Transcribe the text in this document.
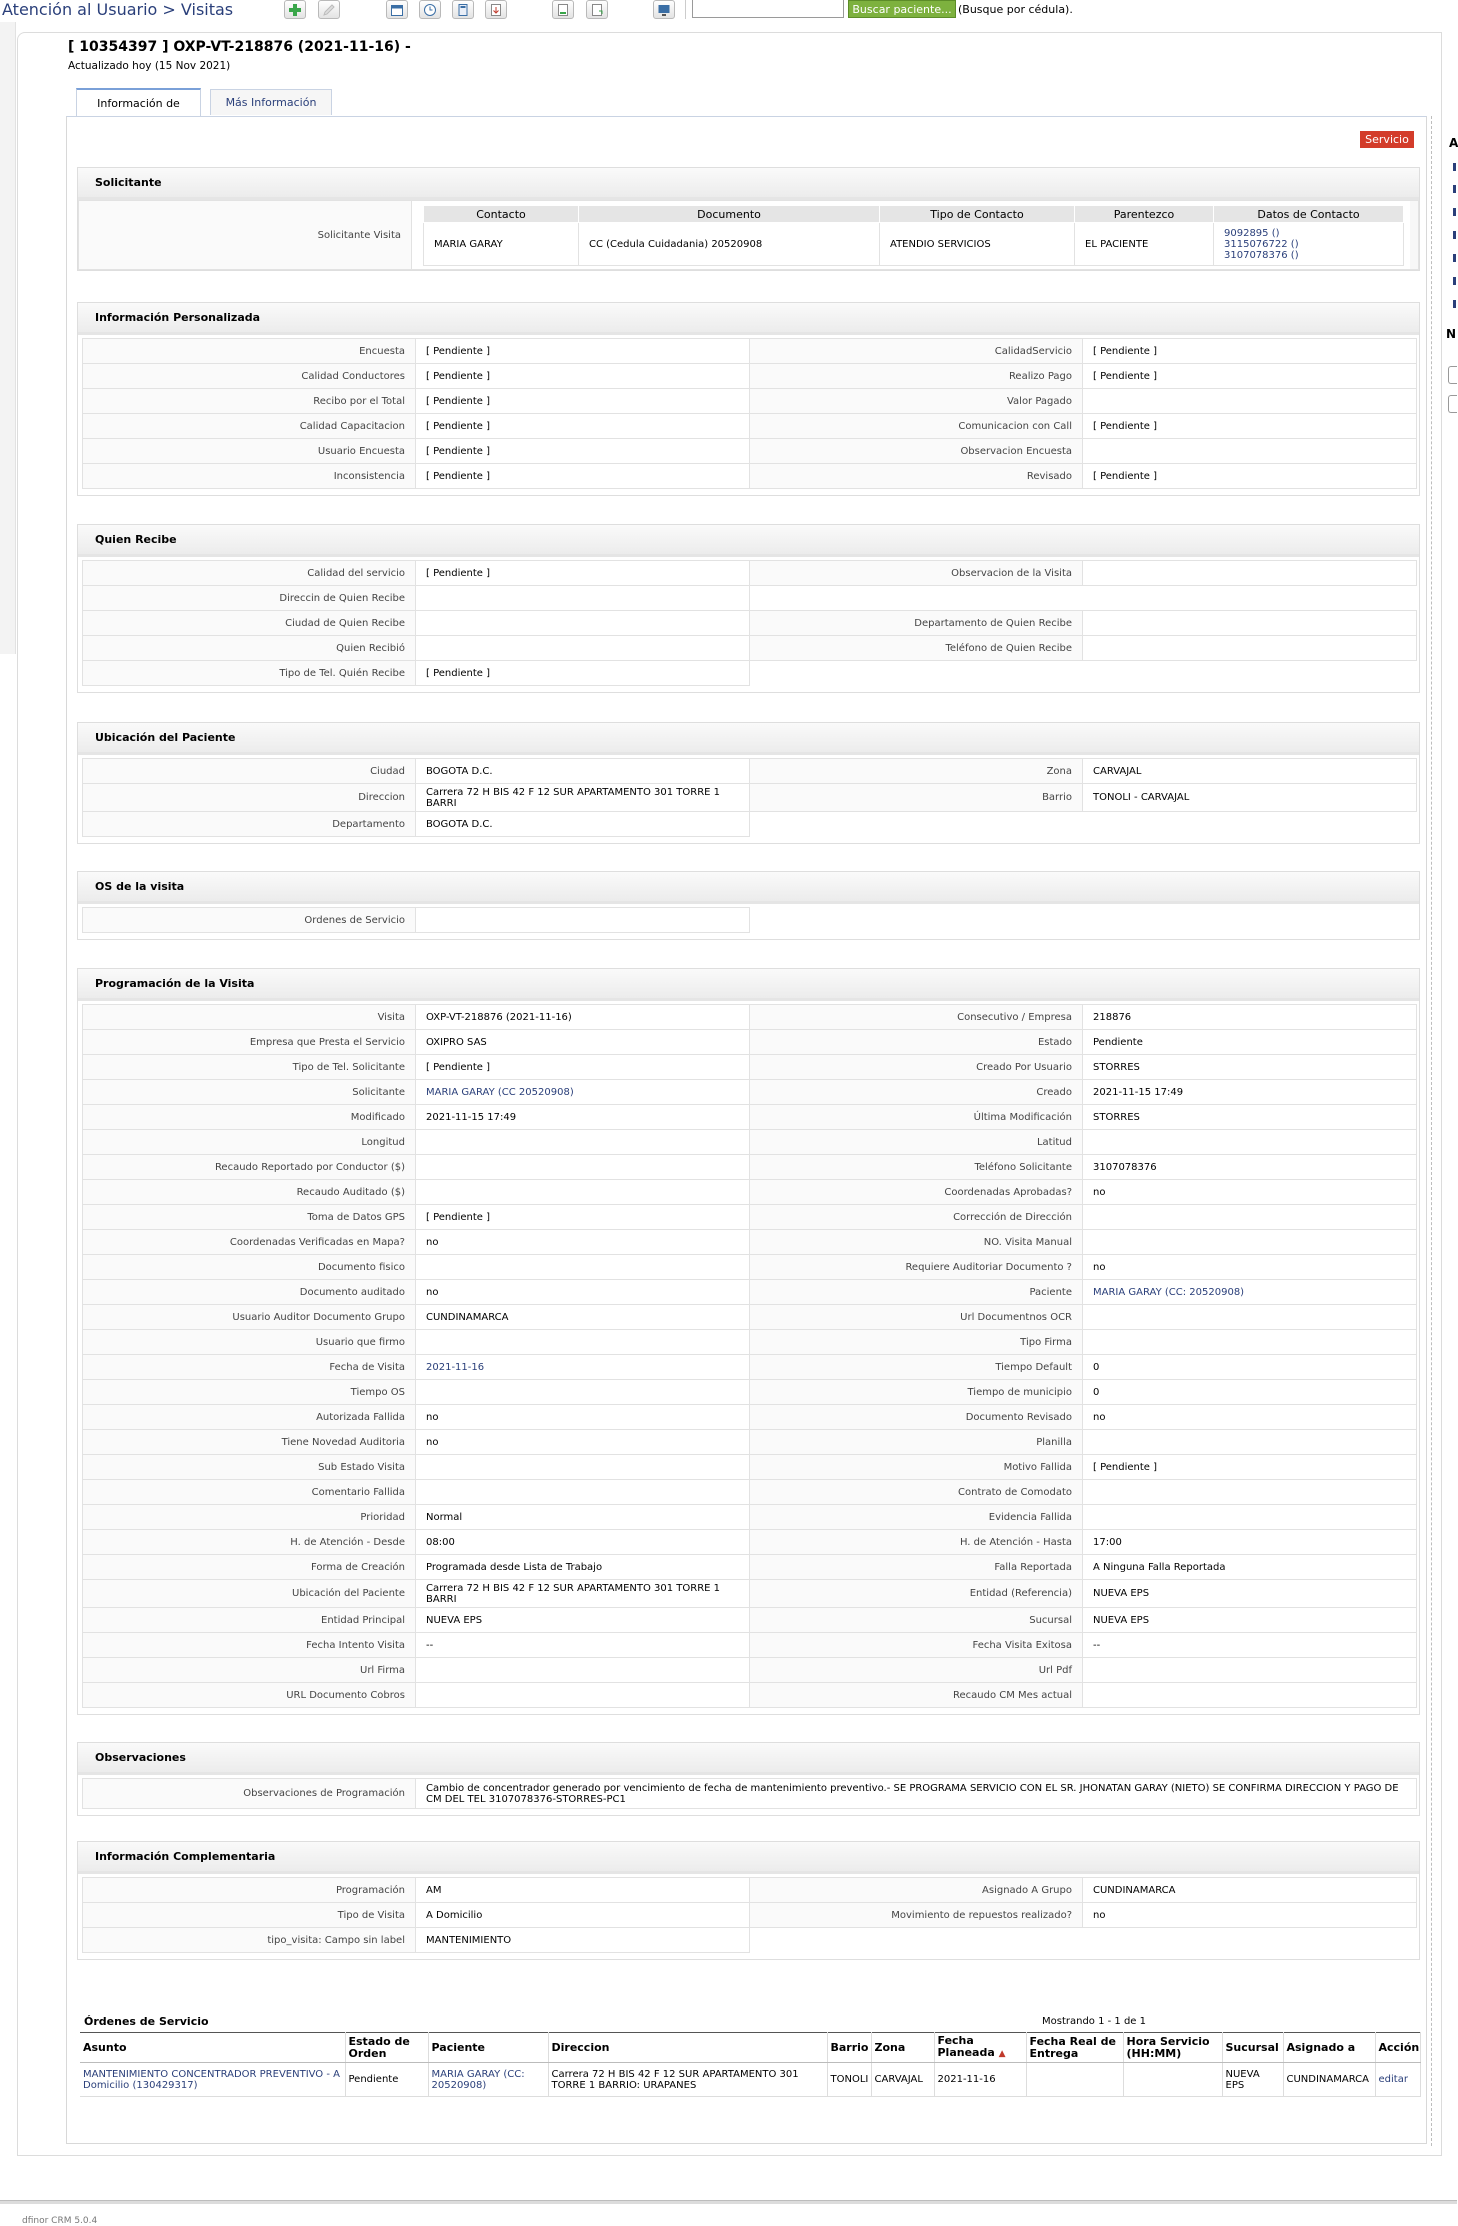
Atención al Usuario > Visitas	Buscar paciente... (Busque por cédula).
[ 10354397 ] OXP-VT-218876 (2021-11-16) -
Actualizado hoy (15 Nov 2021)
Información de	Más Información
Servicio	A
N
Solicitante
Solicitante Visita
Contacto	Documento	Tipo de Contacto	Parentezco	Datos de Contacto
MARIA GARAY	CC (Cedula Cuidadania) 20520908	ATENDIO SERVICIOS	EL PACIENTE	9092895 ()
3115076722 ()
3107078376 ()
Información Personalizada
Encuesta	[ Pendiente ]	CalidadServicio	[ Pendiente ]
Calidad Conductores	[ Pendiente ]	Realizo Pago	[ Pendiente ]
Recibo por el Total	[ Pendiente ]	Valor Pagado	
Calidad Capacitacion	[ Pendiente ]	Comunicacion con Call	[ Pendiente ]
Usuario Encuesta	[ Pendiente ]	Observacion Encuesta	
Inconsistencia	[ Pendiente ]	Revisado	[ Pendiente ]
Quien Recibe
Calidad del servicio	[ Pendiente ]	Observacion de la Visita	
Direccin de Quien Recibe			
Ciudad de Quien Recibe		Departamento de Quien Recibe	
Quien Recibió		Teléfono de Quien Recibe	
Tipo de Tel. Quién Recibe	[ Pendiente ]		
Ubicación del Paciente
Ciudad	BOGOTA D.C.	Zona	CARVAJAL
Direccion	Carrera 72 H BIS 42 F 12 SUR APARTAMENTO 301 TORRE 1 BARRI	Barrio	TONOLI - CARVAJAL
Departamento	BOGOTA D.C.		
OS de la visita
Ordenes de Servicio			
Programación de la Visita
Visita	OXP-VT-218876 (2021-11-16)	Consecutivo / Empresa	218876
Empresa que Presta el Servicio	OXIPRO SAS	Estado	Pendiente
Tipo de Tel. Solicitante	[ Pendiente ]	Creado Por Usuario	STORRES
Solicitante	MARIA GARAY (CC 20520908)	Creado	2021-11-15 17:49
Modificado	2021-11-15 17:49	Última Modificación	STORRES
Longitud		Latitud	
Recaudo Reportado por Conductor ($)		Teléfono Solicitante	3107078376
Recaudo Auditado ($)		Coordenadas Aprobadas?	no
Toma de Datos GPS	[ Pendiente ]	Corrección de Dirección	
Coordenadas Verificadas en Mapa?	no	NO. Visita Manual	
Documento fisico		Requiere Auditoriar Documento ?	no
Documento auditado	no	Paciente	MARIA GARAY (CC: 20520908)
Usuario Auditor Documento Grupo	CUNDINAMARCA	Url Documentnos OCR	
Usuario que firmo		Tipo Firma	
Fecha de Visita	2021-11-16	Tiempo Default	0
Tiempo OS		Tiempo de municipio	0
Autorizada Fallida	no	Documento Revisado	no
Tiene Novedad Auditoria	no	Planilla	
Sub Estado Visita		Motivo Fallida	[ Pendiente ]
Comentario Fallida		Contrato de Comodato	
Prioridad	Normal	Evidencia Fallida	
H. de Atención - Desde	08:00	H. de Atención - Hasta	17:00
Forma de Creación	Programada desde Lista de Trabajo	Falla Reportada	A Ninguna Falla Reportada
Ubicación del Paciente	Carrera 72 H BIS 42 F 12 SUR APARTAMENTO 301 TORRE 1 BARRI	Entidad (Referencia)	NUEVA EPS
Entidad Principal	NUEVA EPS	Sucursal	NUEVA EPS
Fecha Intento Visita	--	Fecha Visita Exitosa	--
Url Firma		Url Pdf	
URL Documento Cobros		Recaudo CM Mes actual	
Observaciones
Observaciones de Programación	Cambio de concentrador generado por vencimiento de fecha de mantenimiento preventivo.- SE PROGRAMA SERVICIO CON EL SR. JHONATAN GARAY (NIETO) SE CONFIRMA DIRECCION Y PAGO DE CM DEL TEL 3107078376-STORRES-PC1
Información Complementaria
Programación	AM	Asignado A Grupo	CUNDINAMARCA
Tipo de Visita	A Domicilio	Movimiento de repuestos realizado?	no
tipo_visita: Campo sin label	MANTENIMIENTO		
Órdenes de Servicio	Mostrando 1 - 1 de 1
Asunto	Estado de Orden	Paciente	Direccion	Barrio	Zona	Fecha Planeada ▲	Fecha Real de Entrega	Hora Servicio (HH:MM)	Sucursal	Asignado a	Acción
MANTENIMIENTO CONCENTRADOR PREVENTIVO - A Domicilio (130429317)	Pendiente	MARIA GARAY (CC: 20520908)	Carrera 72 H BIS 42 F 12 SUR APARTAMENTO 301 TORRE 1 BARRIO: URAPANES	TONOLI	CARVAJAL	2021-11-16			NUEVA EPS	CUNDINAMARCA	editar
dfinor CRM 5.0.4
